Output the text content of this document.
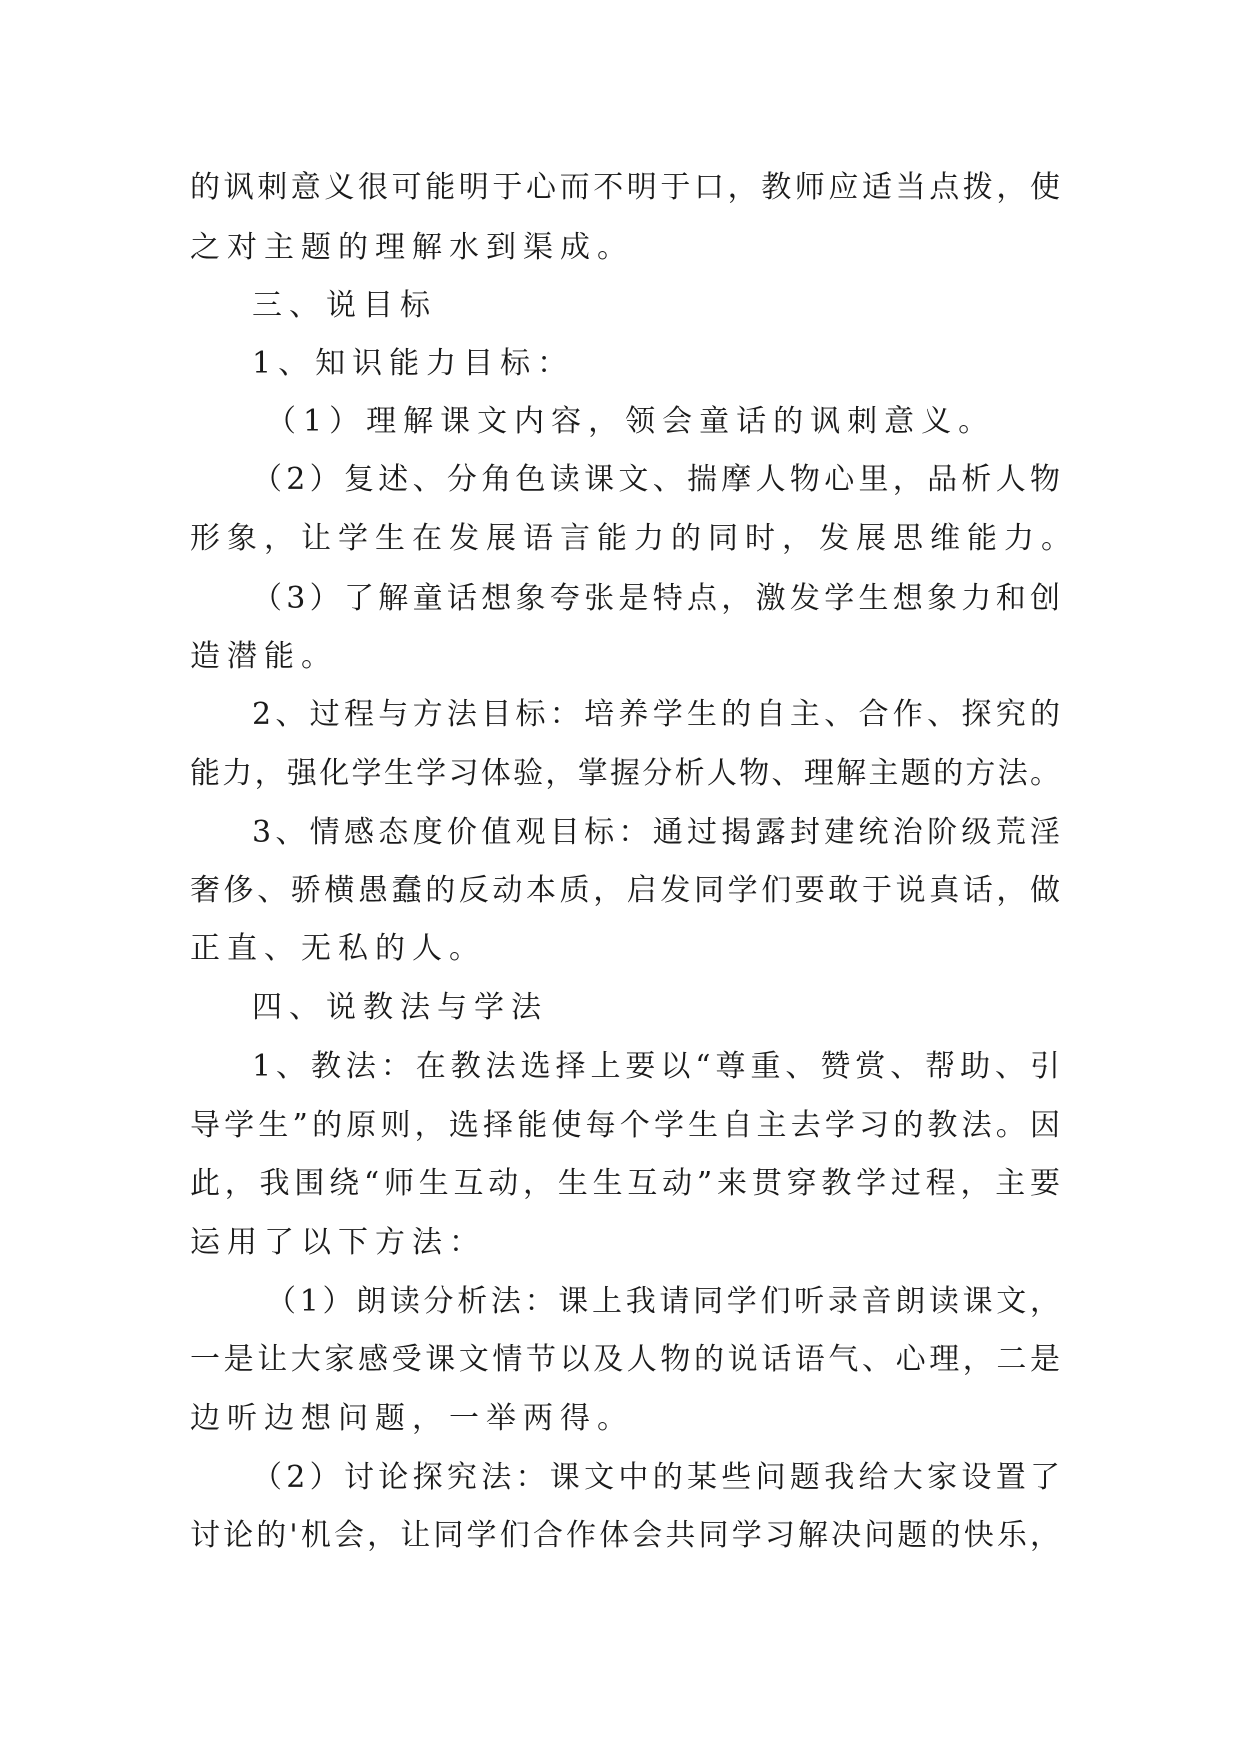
的讽刺意义很可能明于心而不明于口，教师应适当点拨，使
之对主题的理解水到渠成。
三、说目标
1、知识能力目标：
（1）理解课文内容，领会童话的讽刺意义。
（2）复述、分角色读课文、揣摩人物心里，品析人物
形象，让学生在发展语言能力的同时，发展思维能力。
（3）了解童话想象夸张是特点，激发学生想象力和创
造潜能。
2、过程与方法目标：培养学生的自主、合作、探究的
能力，强化学生学习体验，掌握分析人物、理解主题的方法。
3、情感态度价值观目标：通过揭露封建统治阶级荒淫
奢侈、骄横愚蠢的反动本质，启发同学们要敢于说真话，做
正直、无私的人。
四、说教法与学法
1、教法：在教法选择上要以“尊重、赞赏、帮助、引
导学生”的原则，选择能使每个学生自主去学习的教法。因
此，我围绕“师生互动，生生互动”来贯穿教学过程，主要
运用了以下方法：
（1）朗读分析法：课上我请同学们听录音朗读课文，
一是让大家感受课文情节以及人物的说话语气、心理，二是
边听边想问题，一举两得。
（2）讨论探究法：课文中的某些问题我给大家设置了
讨论的'机会，让同学们合作体会共同学习解决问题的快乐，
